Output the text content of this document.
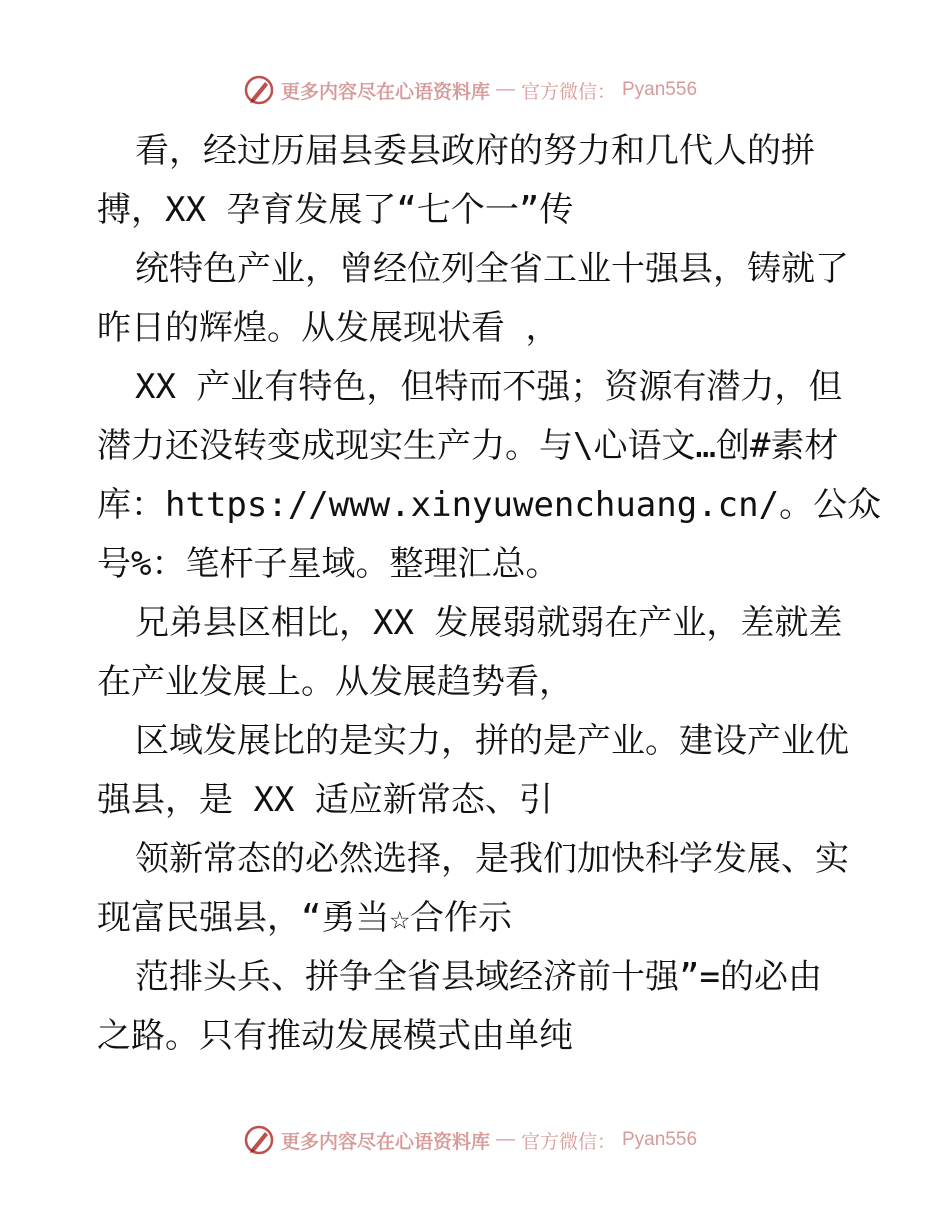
更多内容尽在心语资料库 — 官方微信： Pyan556
看，经过历届县委县政府的努力和几代人的拼
搏，XX 孕育发展了“七个一”传
统特色产业，曾经位列全省工业十强县，铸就了
昨日的辉煌。从发展现状看 ，
XX 产业有特色，但特而不强；资源有潜力，但
潜力还没转变成现实生产力。与\心语文…创#素材
库：https://www.xinyuwenchuang.cn/。公众
号%：笔杆子星域。整理汇总。
兄弟县区相比，XX 发展弱就弱在产业，差就差
在产业发展上。从发展趋势看，
区域发展比的是实力，拼的是产业。建设产业优
强县，是 XX 适应新常态、引
领新常态的必然选择，是我们加快科学发展、实
现富民强县，“勇当☆合作示
范排头兵、拼争全省县域经济前十强”=的必由
之路。只有推动发展模式由单纯
更多内容尽在心语资料库 — 官方微信： Pyan556
